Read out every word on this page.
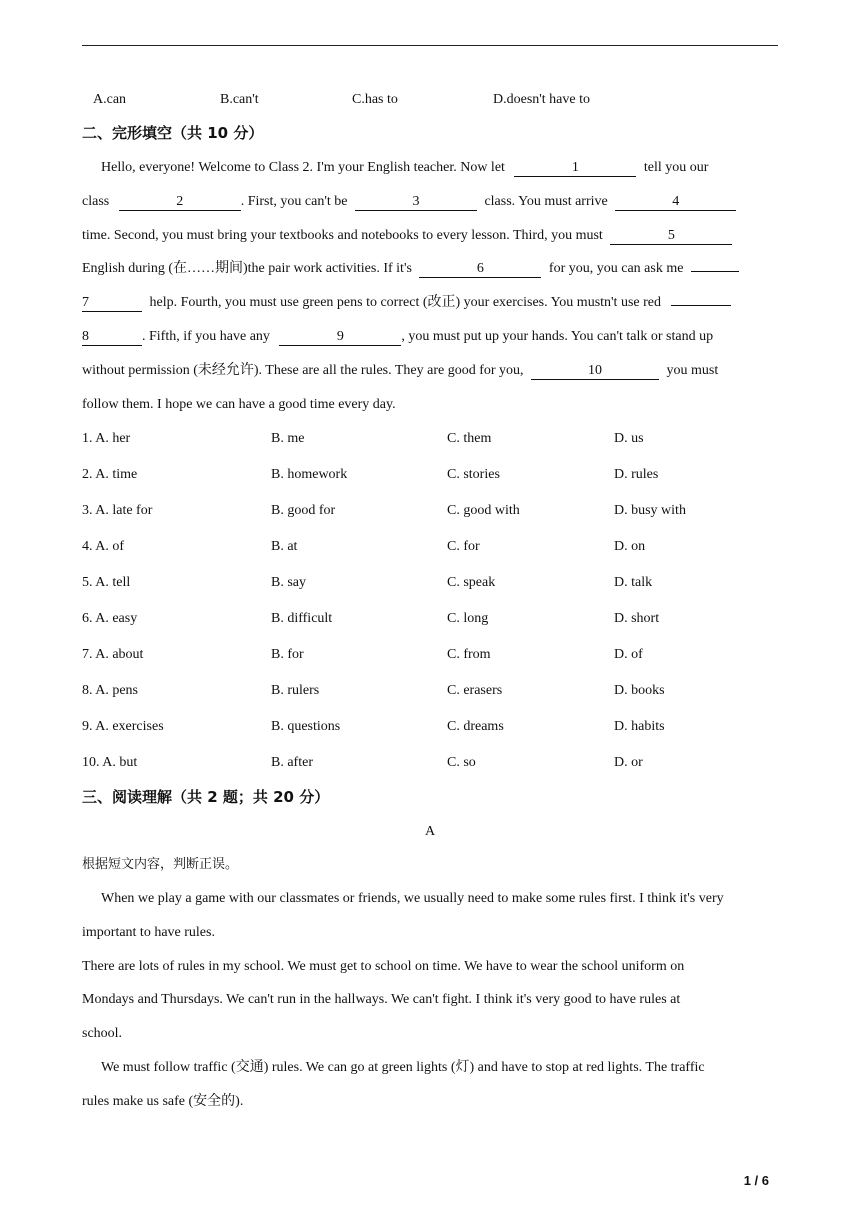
A.can	B.can't	C.has to	D.doesn't have to
二、完形填空（共 10 分）
Hello, everyone! Welcome to Class 2. I'm your English teacher. Now let	1	tell you our
class	2	. First, you can't be	3	class. You must arrive	4
time. Second, you must bring your textbooks and notebooks to every lesson. Third, you must	5
English during (在……期间)the pair work activities. If it's	6	for you, you can ask me
7	help. Fourth, you must use green pens to correct (改正) your exercises. You mustn't use red
8	. Fifth, if you have any	9	, you must put up your hands. You can't talk or stand up
without permission (未经允许). These are all the rules. They are good for you,	10	you must
follow them. I hope we can have a good time every day.
1. A. her	B. me	C. them	D. us
2. A. time	B. homework	C. stories	D. rules
3. A. late for	B. good for	C. good with	D. busy with
4. A. of	B. at	C. for	D. on
5. A. tell	B. say	C. speak	D. talk
6. A. easy	B. difficult	C. long	D. short
7. A. about	B. for	C. from	D. of
8. A. pens	B. rulers	C. erasers	D. books
9. A. exercises	B. questions	C. dreams	D. habits
10. A. but	B. after	C. so	D. or
三、阅读理解（共 2 题；共 20 分）
A
根据短文内容，判断正误。
When we play a game with our classmates or friends, we usually need to make some rules first. I think it's very
important to have rules.
There are lots of rules in my school. We must get to school on time. We have to wear the school uniform on
Mondays and Thursdays. We can't run in the hallways. We can't fight. I think it's very good to have rules at
school.
We must follow traffic (交通) rules. We can go at green lights (灯) and have to stop at red lights. The traffic
rules make us safe (安全的).
1 / 6
